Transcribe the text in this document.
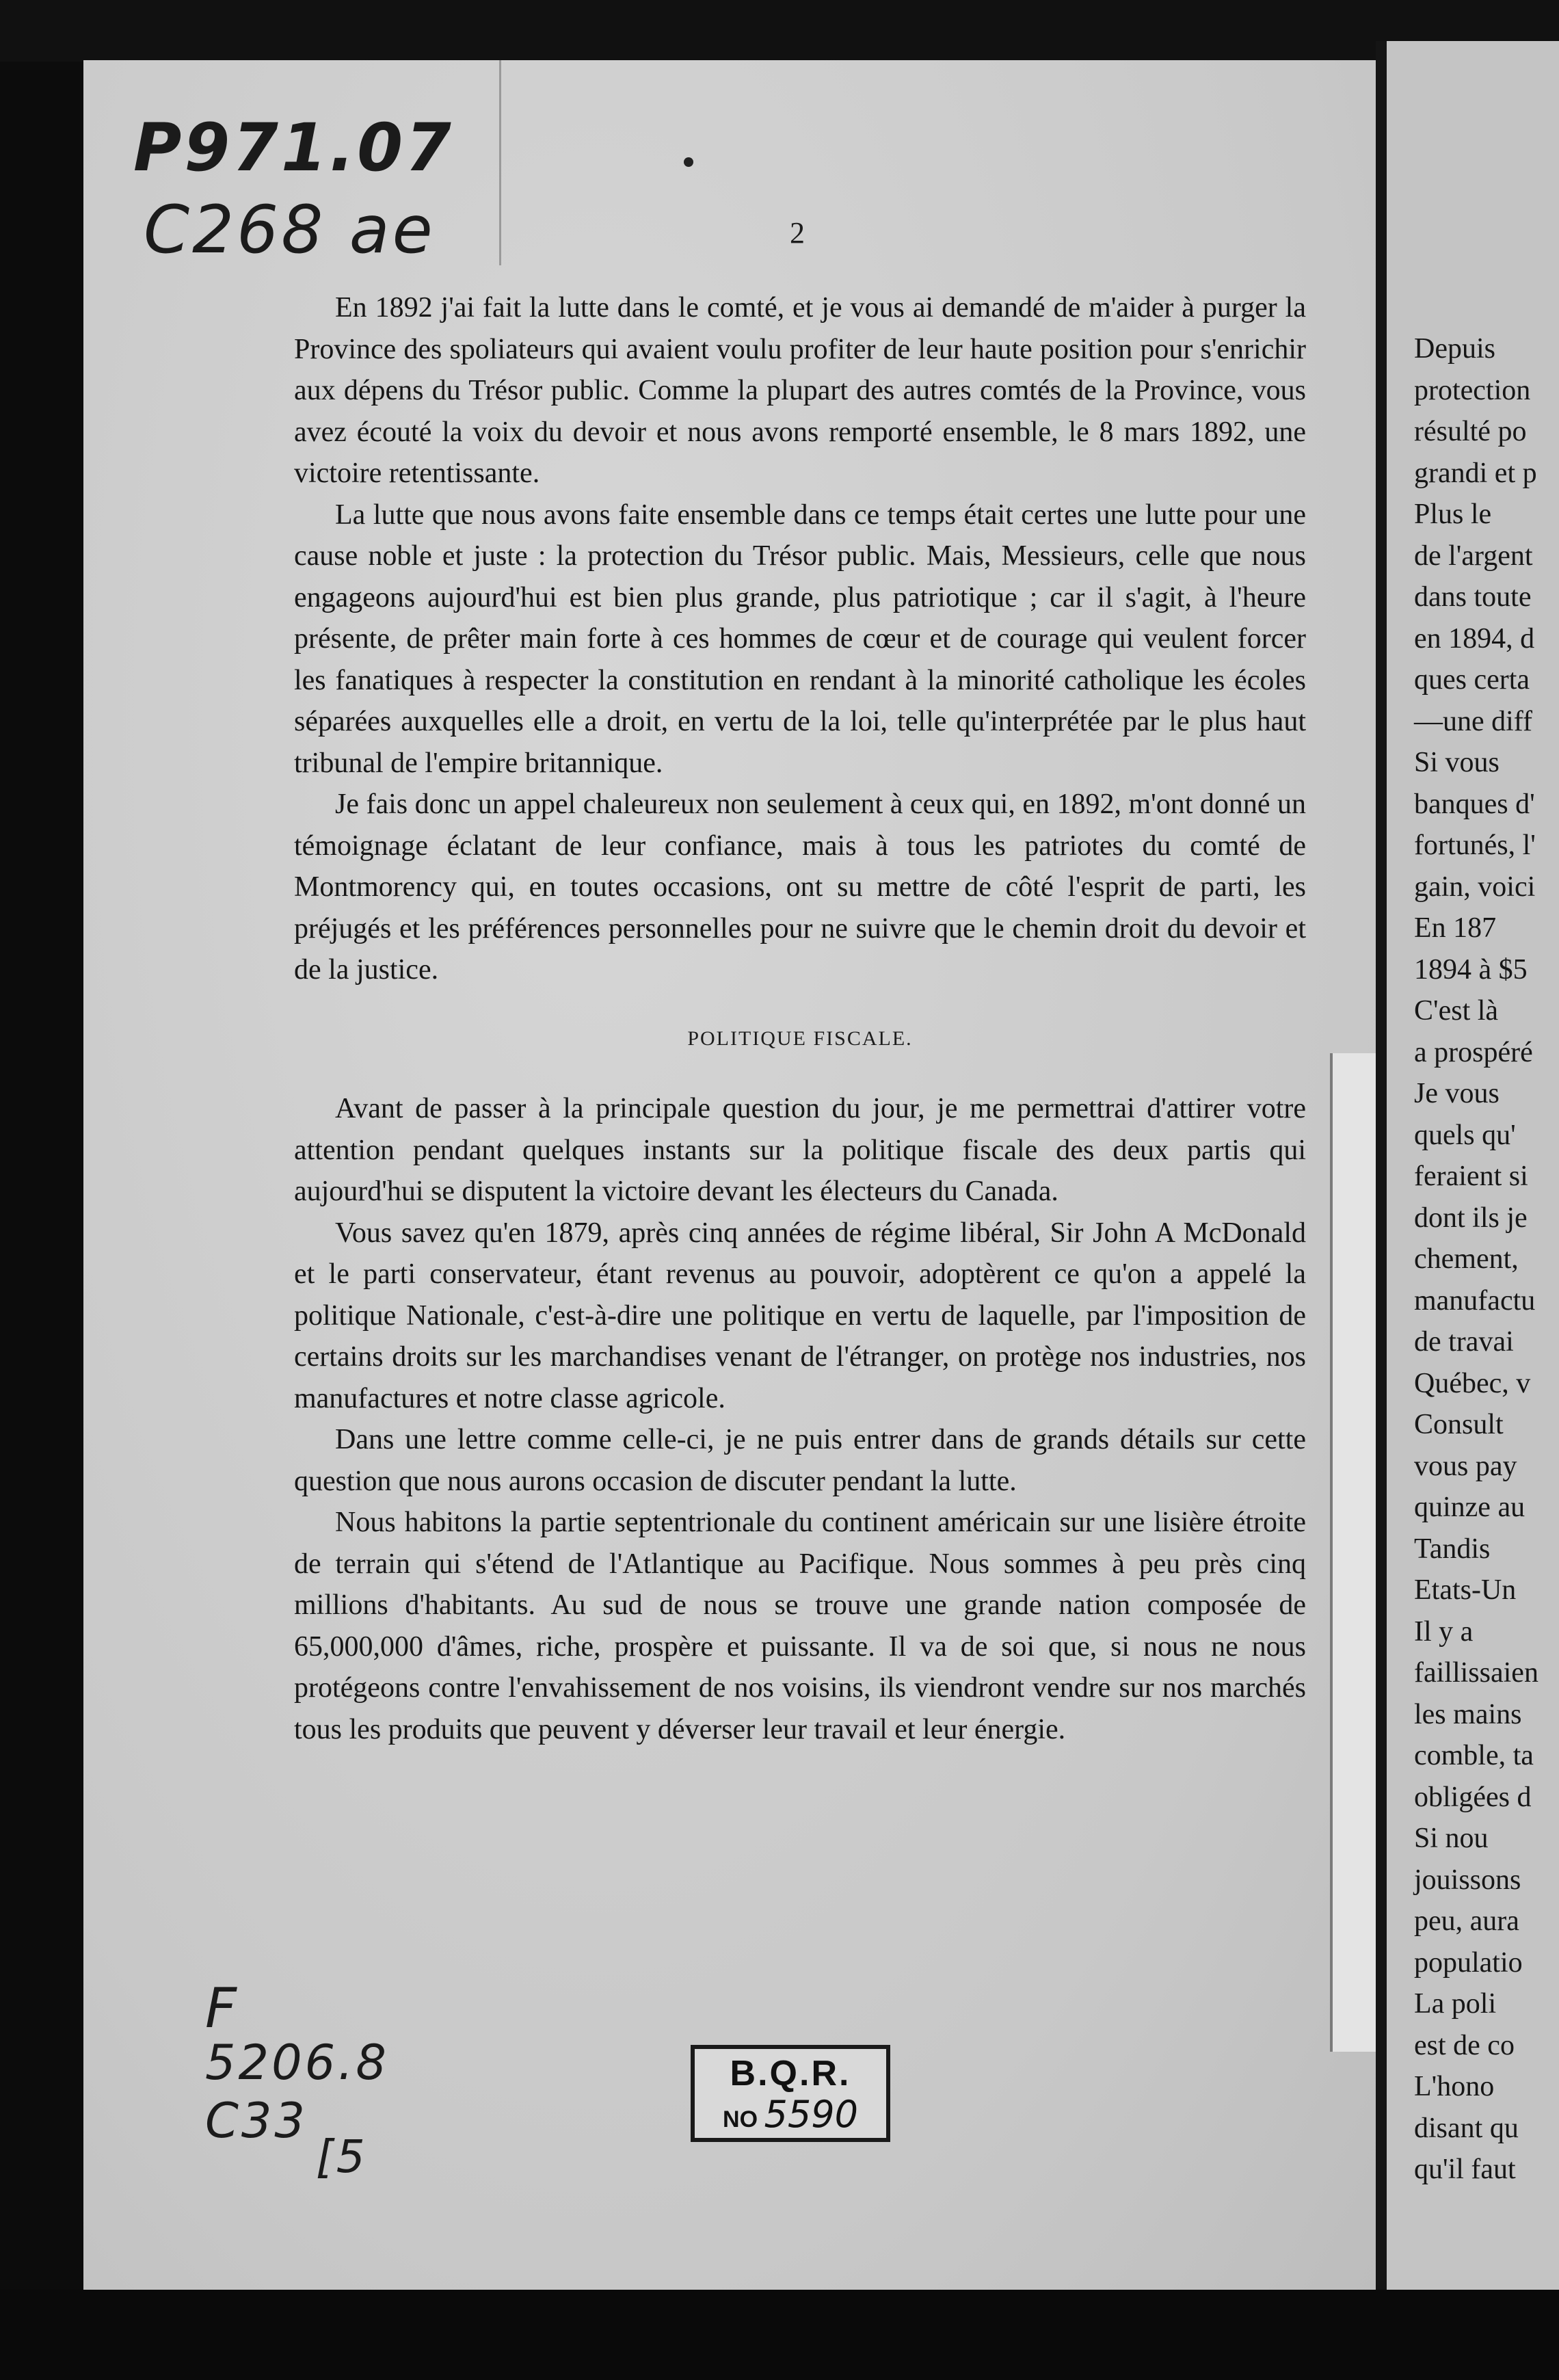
P971.07
C268 ae	2

En 1892 j'ai fait la lutte dans le comté, et je vous ai demandé de m'aider à purger la Province des spoliateurs qui avaient voulu profiter de leur haute position pour s'enrichir aux dépens du Trésor public. Comme la plupart des autres comtés de la Province, vous avez écouté la voix du devoir et nous avons remporté ensemble, le 8 mars 1892, une victoire retentissante.

La lutte que nous avons faite ensemble dans ce temps était certes une lutte pour une cause noble et juste : la protection du Trésor public. Mais, Messieurs, celle que nous engageons aujourd'hui est bien plus grande, plus patriotique ; car il s'agit, à l'heure présente, de prêter main forte à ces hommes de cœur et de courage qui veulent forcer les fanatiques à respecter la constitution en rendant à la minorité catholique les écoles séparées auxquelles elle a droit, en vertu de la loi, telle qu'interprétée par le plus haut tribunal de l'empire britannique.

Je fais donc un appel chaleureux non seulement à ceux qui, en 1892, m'ont donné un témoignage éclatant de leur confiance, mais à tous les patriotes du comté de Montmorency qui, en toutes occasions, ont su mettre de côté l'esprit de parti, les préjugés et les préférences personnelles pour ne suivre que le chemin droit du devoir et de la justice.

POLITIQUE FISCALE.

Avant de passer à la principale question du jour, je me permettrai d'attirer votre attention pendant quelques instants sur la politique fiscale des deux partis qui aujourd'hui se disputent la victoire devant les électeurs du Canada.

Vous savez qu'en 1879, après cinq années de régime libéral, Sir John A McDonald et le parti conservateur, étant revenus au pouvoir, adoptèrent ce qu'on a appelé la politique Nationale, c'est-à-dire une politique en vertu de laquelle, par l'imposition de certains droits sur les marchandises venant de l'étranger, on protège nos industries, nos manufactures et notre classe agricole.

Dans une lettre comme celle-ci, je ne puis entrer dans de grands détails sur cette question que nous aurons occasion de discuter pendant la lutte.

Nous habitons la partie septentrionale du continent américain sur une lisière étroite de terrain qui s'étend de l'Atlantique au Pacifique. Nous sommes à peu près cinq millions d'habitants. Au sud de nous se trouve une grande nation composée de 65,000,000 d'âmes, riche, prospère et puissante. Il va de soi que, si nous ne nous protégeons contre l'envahissement de nos voisins, ils viendront vendre sur nos marchés tous les produits que peuvent y déverser leur travail et leur énergie.

B.Q.R.
NO 5590
F
5206.8
C33
[5
Depuis
protection
résulté po
grandi et p
Plus le
de l'argent
dans toute
en 1894, d
ques certa
—une diff
Si vous
banques d'
fortunés, l'
gain, voici
En 187
1894 à $5
C'est là
a prospéré
Je vous
quels qu'
feraient si
dont ils je
chement,
manufactu
de travai
Québec, v
Consult
vous pay
quinze au
Tandis
Etats-Un
Il y a
faillissaien
les mains
comble, ta
obligées d
Si nou
jouissons
peu, aura
populatio
La poli
est de co
L'hono
disant qu
qu'il faut
